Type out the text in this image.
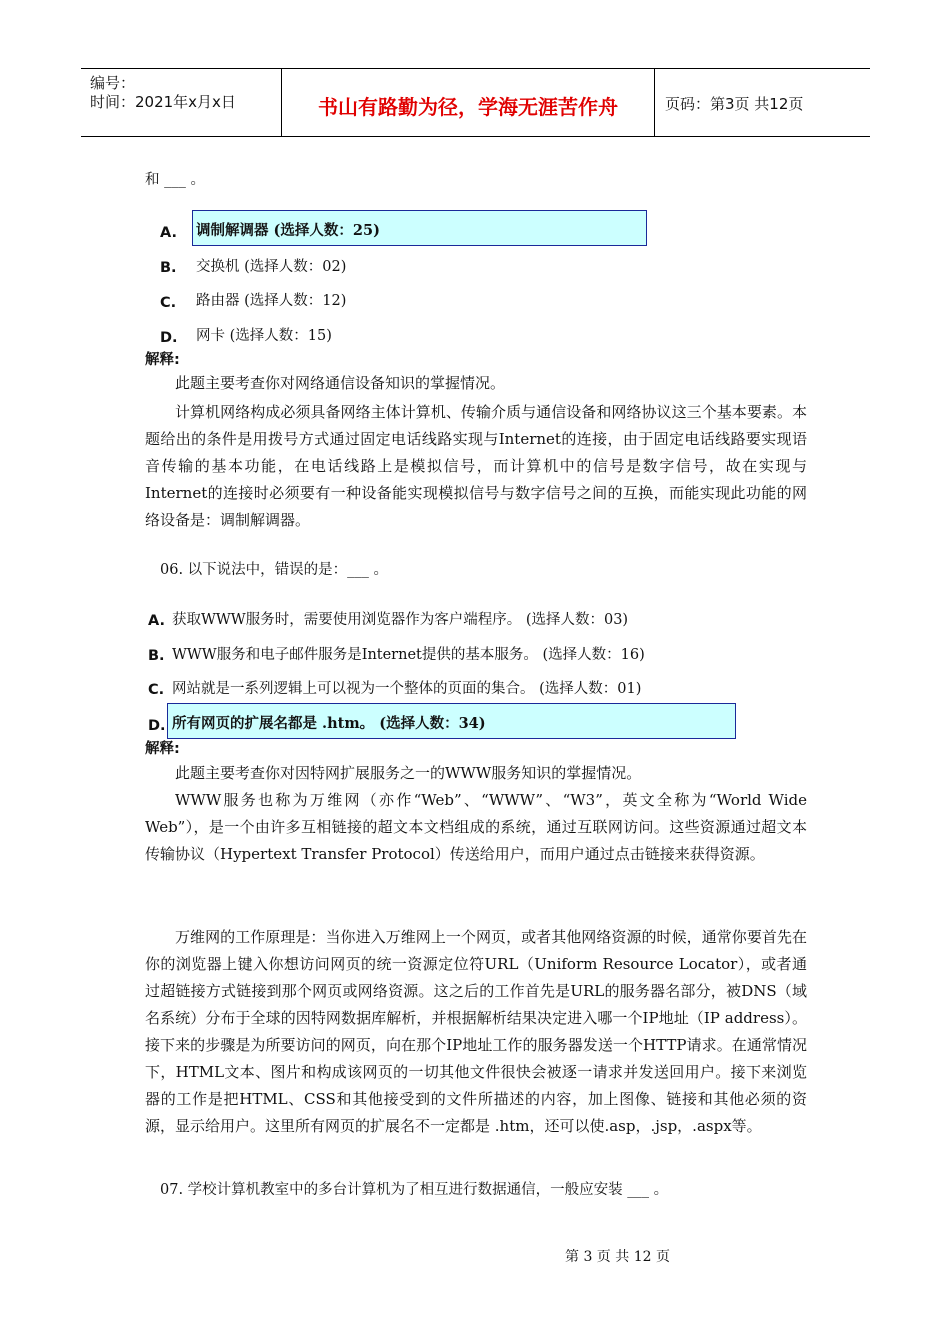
编号：
时间：2021年x月x日	书山有路勤为径，学海无涯苦作舟	页码：第3页 共12页
和 ___ 。
A. 调制解调器 (选择人数：25)
B. 交换机 (选择人数：02)
C. 路由器 (选择人数：12)
D. 网卡 (选择人数：15)
解释:
此题主要考查你对网络通信设备知识的掌握情况。
计算机网络构成必须具备网络主体计算机、传输介质与通信设备和网络协议这三个基本要素。本题给出的条件是用拨号方式通过固定电话线路实现与Internet的连接，由于固定电话线路要实现语音传输的基本功能，在电话线路上是模拟信号，而计算机中的信号是数字信号，故在实现与Internet的连接时必须要有一种设备能实现模拟信号与数字信号之间的互换，而能实现此功能的网络设备是：调制解调器。
06. 以下说法中，错误的是：___ 。
A. 获取WWW服务时，需要使用浏览器作为客户端程序。 (选择人数：03)
B. WWW服务和电子邮件服务是Internet提供的基本服务。 (选择人数：16)
C. 网站就是一系列逻辑上可以视为一个整体的页面的集合。 (选择人数：01)
D. 所有网页的扩展名都是 .htm。 (选择人数：34)
解释:
此题主要考查你对因特网扩展服务之一的WWW服务知识的掌握情况。
WWW服务也称为万维网（亦作“Web”、“WWW”、“W3”，英文全称为“World Wide Web”），是一个由许多互相链接的超文本文档组成的系统，通过互联网访问。这些资源通过超文本传输协议（Hypertext Transfer Protocol）传送给用户，而用户通过点击链接来获得资源。
万维网的工作原理是：当你进入万维网上一个网页，或者其他网络资源的时候，通常你要首先在你的浏览器上键入你想访问网页的统一资源定位符URL（Uniform Resource Locator），或者通过超链接方式链接到那个网页或网络资源。这之后的工作首先是URL的服务器名部分，被DNS（域名系统）分布于全球的因特网数据库解析，并根据解析结果决定进入哪一个IP地址（IP address）。接下来的步骤是为所要访问的网页，向在那个IP地址工作的服务器发送一个HTTP请求。在通常情况下，HTML文本、图片和构成该网页的一切其他文件很快会被逐一请求并发送回用户。接下来浏览器的工作是把HTML、CSS和其他接受到的文件所描述的内容，加上图像、链接和其他必须的资源，显示给用户。这里所有网页的扩展名不一定都是 .htm，还可以使.asp，.jsp，.aspx等。
07. 学校计算机教室中的多台计算机为了相互进行数据通信，一般应安装 ___ 。
第 3 页 共 12 页
